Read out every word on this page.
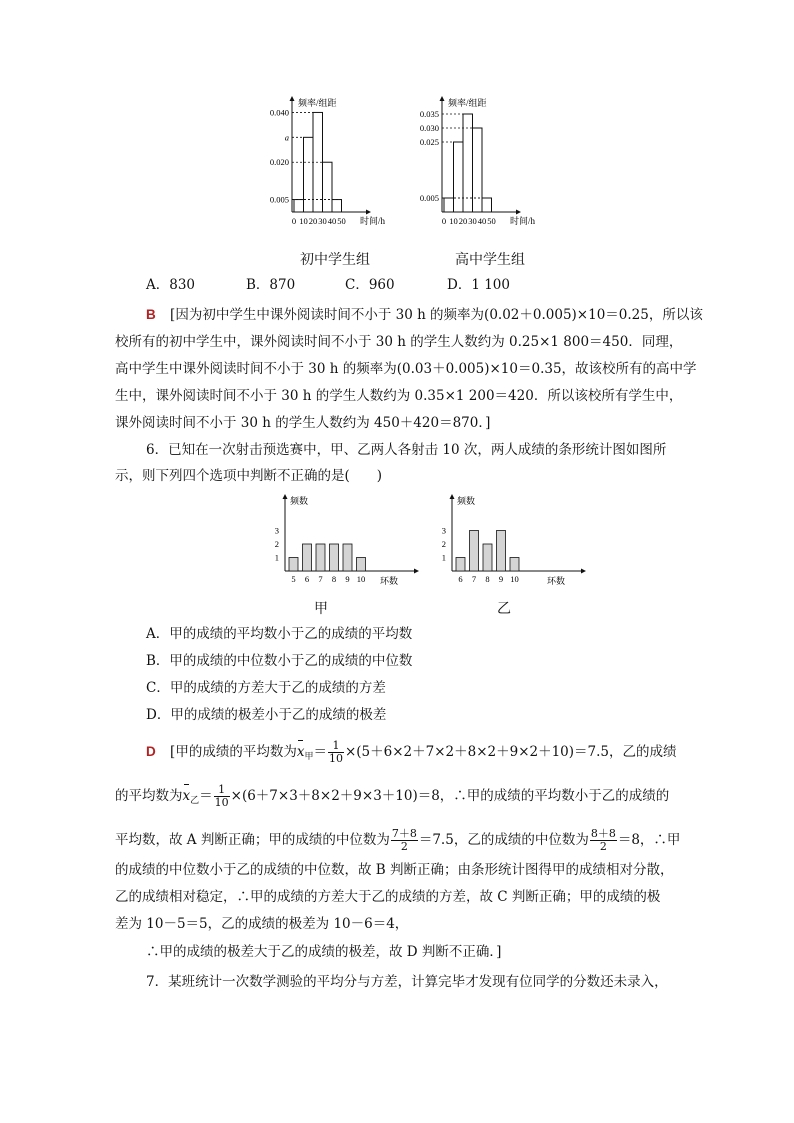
频率/组距
时间/h
0.005
0.020
a
0.040
0 10 20 30 40 50
频率/组距
时间/h
0.005
0.025
0.030
0.035
0 10 20 30 40 50
初中学生组	高中学生组
A．830	B．870	C．960	D．1 100
B [因为初中学生中课外阅读时间不小于 30 h 的频率为(0.02＋0.005)×10＝0.25，所以该
校所有的初中学生中，课外阅读时间不小于 30 h 的学生人数约为 0.25×1 800＝450．同理，
高中学生中课外阅读时间不小于 30 h 的频率为(0.03＋0.005)×10＝0.35，故该校所有的高中学
生中，课外阅读时间不小于 30 h 的学生人数约为 0.35×1 200＝420．所以该校所有学生中，
课外阅读时间不小于 30 h 的学生人数约为 450＋420＝870．]
6．已知在一次射击预选赛中，甲、乙两人各射击 10 次，两人成绩的条形统计图如图所
示，则下列四个选项中判断不正确的是(　　)
频数
环数
1
2
3
5 6 7 8 9 10
频数
环数
1
2
3
6 7 8 9 10
甲	乙
A．甲的成绩的平均数小于乙的成绩的平均数
B．甲的成绩的中位数小于乙的成绩的中位数
C．甲的成绩的方差大于乙的成绩的方差
D．甲的成绩的极差小于乙的成绩的极差
D [甲的成绩的平均数为$x_甲= \frac{1}{10} \times(5+6\times 2+7\times 2+8\times 2+9\times 2+10)=7.5$，乙的成绩
的平均数为$x_乙= \frac{1}{10} \times(6+7\times 3+8\times 2+9\times 3+10)=8$，∴甲的成绩的平均数小于乙的成绩的
平均数，故 A 判断正确；甲的成绩的中位数为 $\frac{7+8}{2} =7.5$，乙的成绩的中位数为 $\frac{8+8}{2} =8$，∴甲
的成绩的中位数小于乙的成绩的中位数，故 B 判断正确；由条形统计图得甲的成绩相对分散，
乙的成绩相对稳定，∴甲的成绩的方差大于乙的成绩的方差，故 C 判断正确；甲的成绩的极
差为 10－5＝5，乙的成绩的极差为 10－6＝4，
∴甲的成绩的极差大于乙的成绩的极差，故 D 判断不正确．]
7．某班统计一次数学测验的平均分与方差，计算完毕才发现有位同学的分数还未录入，
